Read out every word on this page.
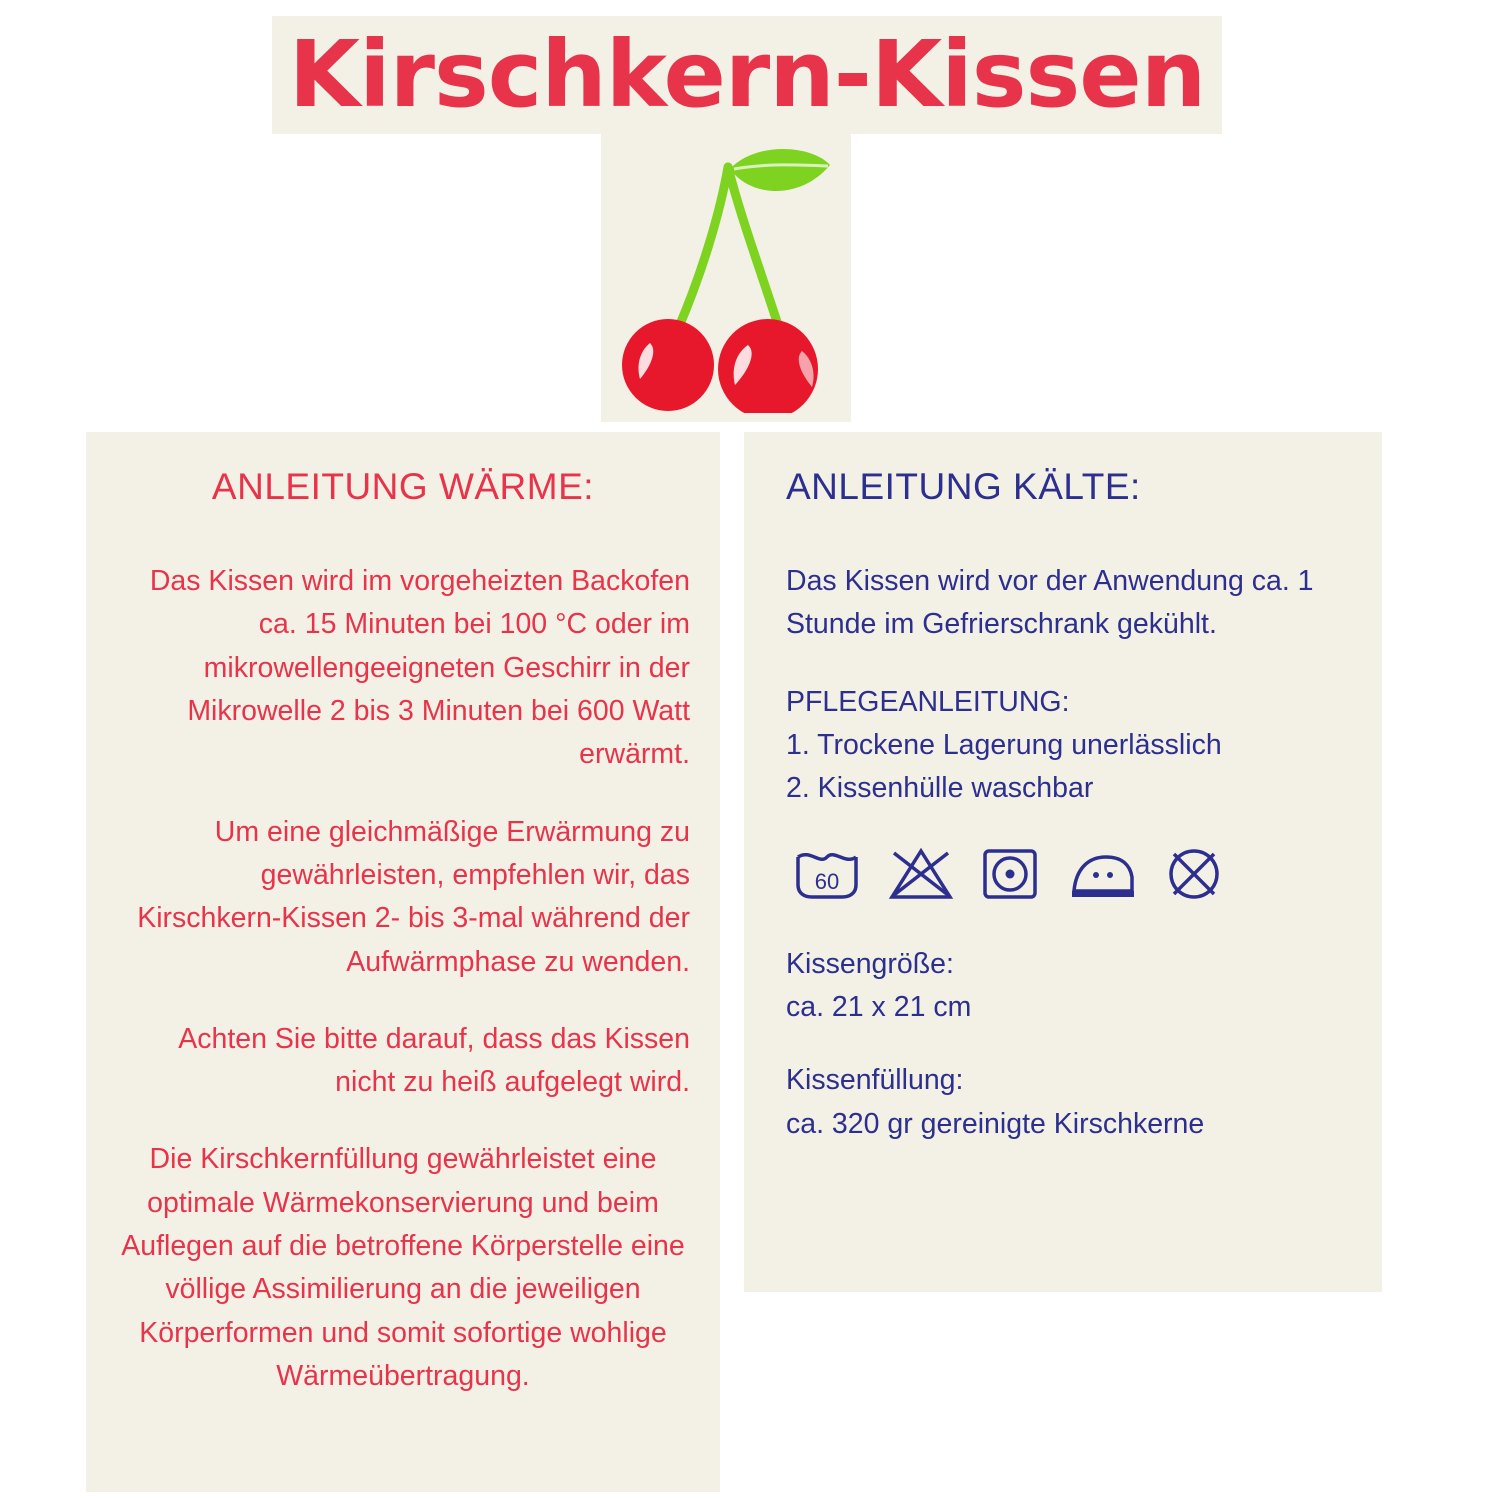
Kirschkern-Kissen
ANLEITUNG WÄRME:

Das Kissen wird im vorgeheizten Backofen ca. 15 Minuten bei 100 °C oder im mikrowellengeeigneten Geschirr in der Mikrowelle 2 bis 3 Minuten bei 600 Watt erwärmt.

Um eine gleichmäßige Erwärmung zu gewährleisten, empfehlen wir, das Kirschkern-Kissen 2- bis 3-mal während der Aufwärmphase zu wenden.

Achten Sie bitte darauf, dass das Kissen nicht zu heiß aufgelegt wird.

Die Kirschkernfüllung gewährleistet eine optimale Wärmekonservierung und beim Auflegen auf die betroffene Körperstelle eine völlige Assimilierung an die jeweiligen Körperformen und somit sofortige wohlige Wärmeübertragung.

ANLEITUNG KÄLTE:

Das Kissen wird vor der Anwendung ca. 1 Stunde im Gefrierschrank gekühlt.

PFLEGEANLEITUNG:
1. Trockene Lagerung unerlässlich
2. Kissenhülle waschbar
60
Kissengröße:
ca. 21 x 21 cm
Kissenfüllung:
ca. 320 gr gereinigte Kirschkerne
